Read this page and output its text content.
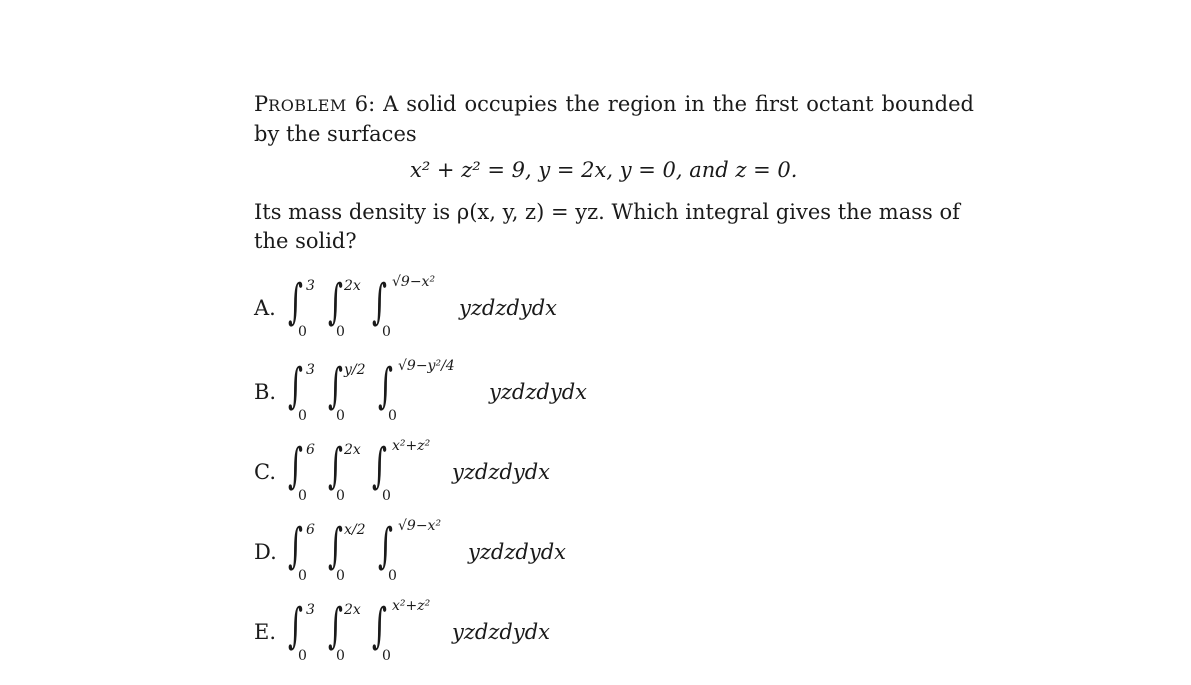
PROBLEM 6: A solid occupies the region in the first octant bounded by the surfaces

x² + z² = 9, y = 2x, y = 0, and z = 0.

Its mass density is ρ(x, y, z) = yz. Which integral gives the mass of the solid?

A. ∫ 3
0
∫ 2x
0
∫ √9−x²
0
yzdzdydx
B. ∫ 3
0
∫ y/2
0
∫ √9−y²/4
0
yzdzdydx
C. ∫ 6
0
∫ 2x
0
∫ x²+z²
0
yzdzdydx
D. ∫ 6
0
∫ x/2
0
∫ √9−x²
0
yzdzdydx
E. ∫ 3
0
∫ 2x
0
∫ x²+z²
0
yzdzdydx
